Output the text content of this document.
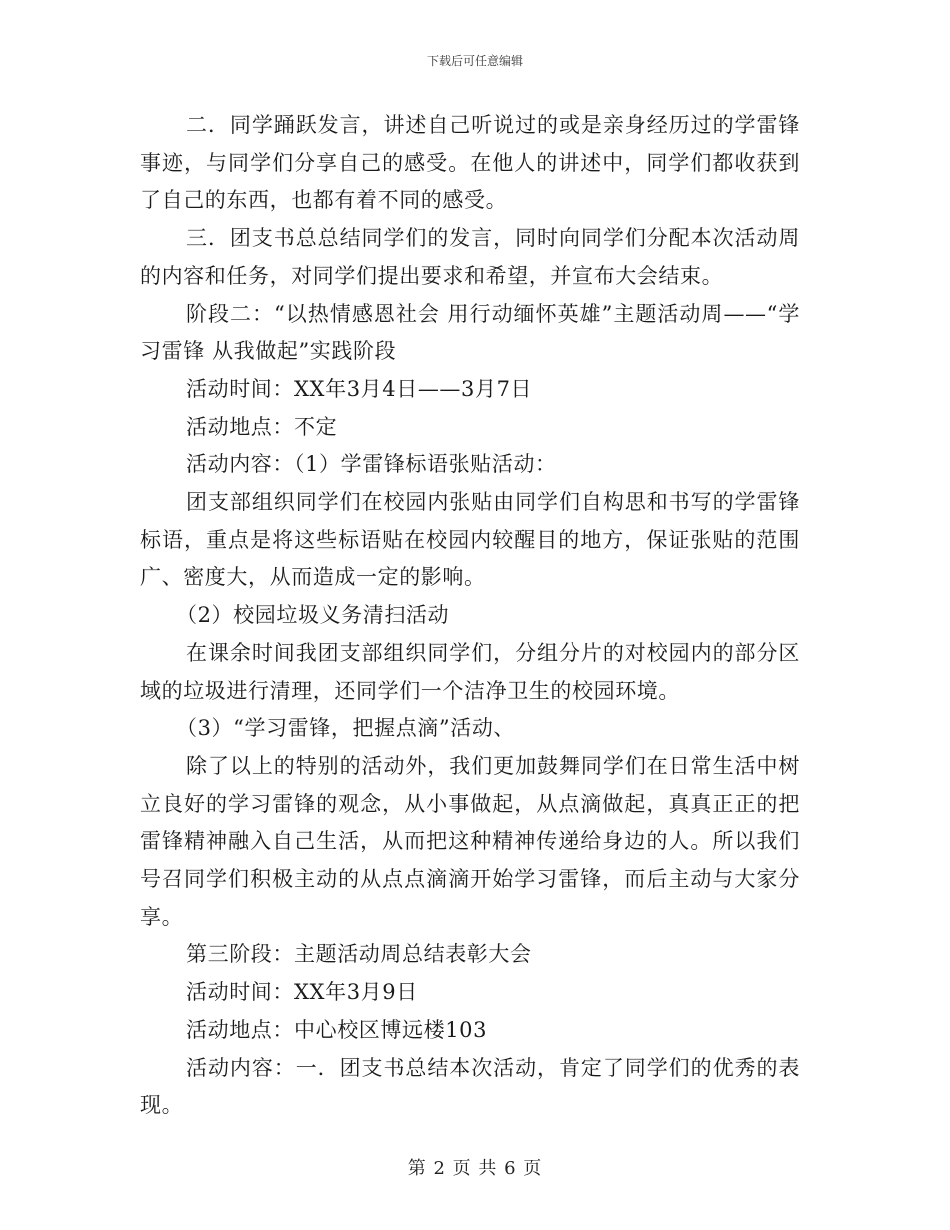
下载后可任意编辑

二．同学踊跃发言，讲述自己听说过的或是亲身经历过的学雷锋事迹，与同学们分享自己的感受。在他人的讲述中，同学们都收获到了自己的东西，也都有着不同的感受。

三．团支书总总结同学们的发言，同时向同学们分配本次活动周的内容和任务，对同学们提出要求和希望，并宣布大会结束。

阶段二：“以热情感恩社会 用行动缅怀英雄”主题活动周——“学习雷锋 从我做起”实践阶段

活动时间：XX年3月4日——3月7日

活动地点：不定

活动内容：（1）学雷锋标语张贴活动：

团支部组织同学们在校园内张贴由同学们自构思和书写的学雷锋标语，重点是将这些标语贴在校园内较醒目的地方，保证张贴的范围广、密度大，从而造成一定的影响。

（2）校园垃圾义务清扫活动

在课余时间我团支部组织同学们，分组分片的对校园内的部分区域的垃圾进行清理，还同学们一个洁净卫生的校园环境。

（3）“学习雷锋，把握点滴”活动、

除了以上的特别的活动外，我们更加鼓舞同学们在日常生活中树立良好的学习雷锋的观念，从小事做起，从点滴做起，真真正正的把雷锋精神融入自己生活，从而把这种精神传递给身边的人。所以我们号召同学们积极主动的从点点滴滴开始学习雷锋，而后主动与大家分享。

第三阶段：主题活动周总结表彰大会

活动时间：XX年3月9日

活动地点：中心校区博远楼103

活动内容：一．团支书总结本次活动，肯定了同学们的优秀的表现。

第 2 页 共 6 页
